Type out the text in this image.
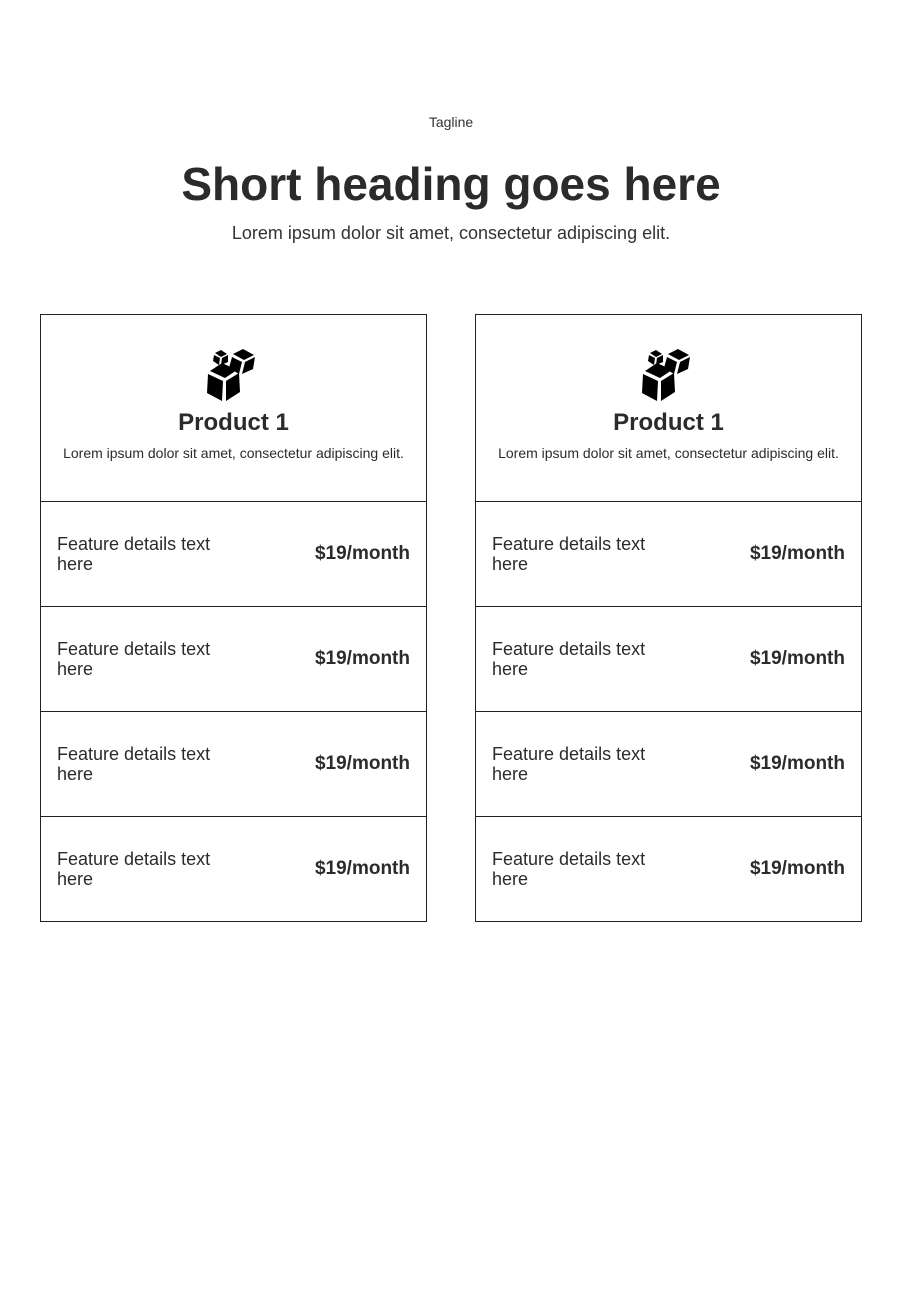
Tagline
Short heading goes here

Lorem ipsum dolor sit amet, consectetur adipiscing elit.

Product 1
Lorem ipsum dolor sit amet, consectetur adipiscing elit.
Feature details text here	$19/month
Feature details text here	$19/month
Feature details text here	$19/month
Feature details text here	$19/month
Product 1
Lorem ipsum dolor sit amet, consectetur adipiscing elit.
Feature details text here	$19/month
Feature details text here	$19/month
Feature details text here	$19/month
Feature details text here	$19/month
